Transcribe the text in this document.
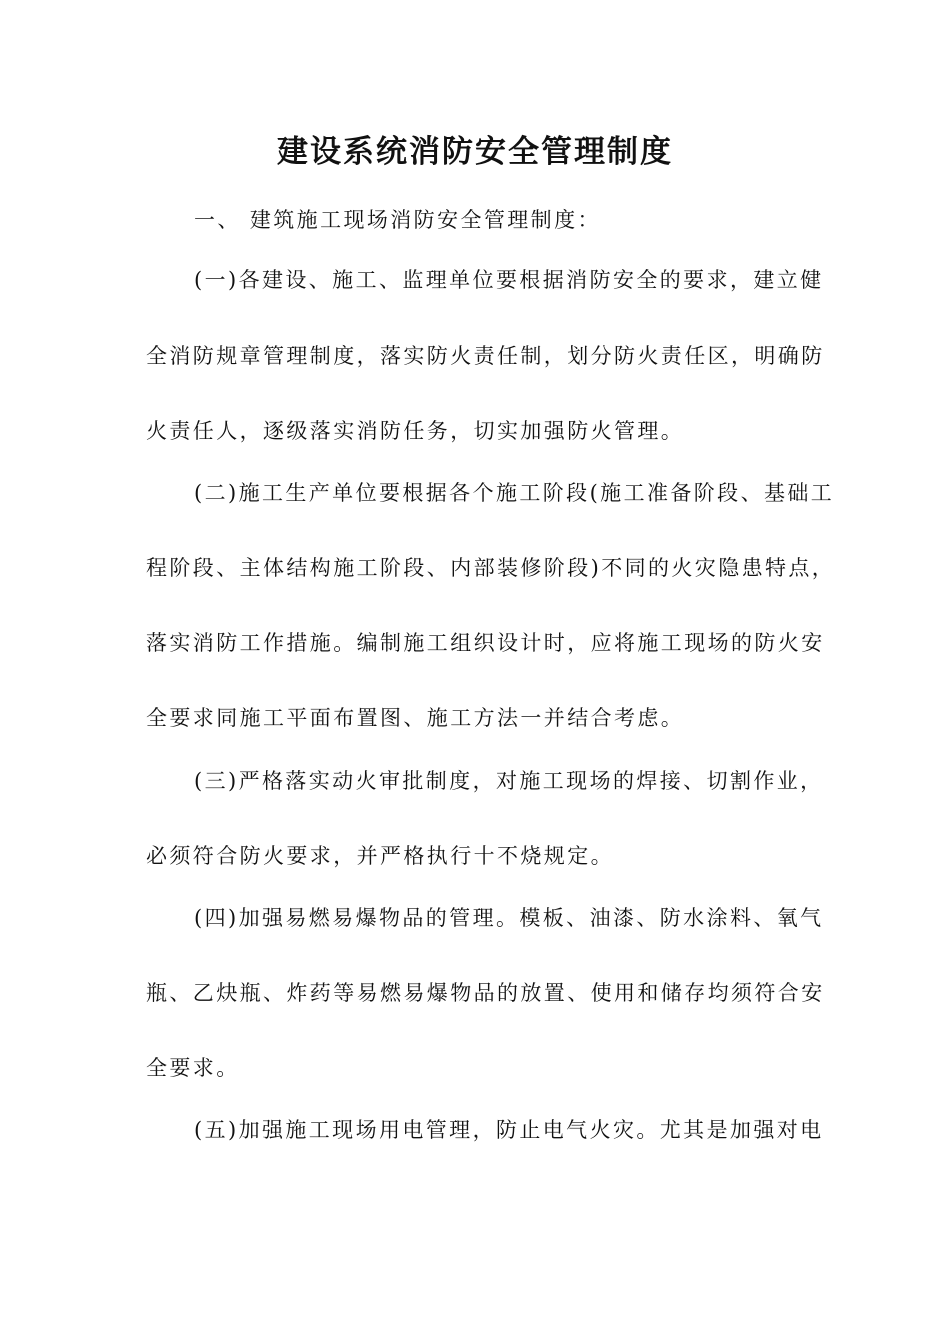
建设系统消防安全管理制度
一、 建筑施工现场消防安全管理制度：
(一)各建设、施工、监理单位要根据消防安全的要求，建立健
全消防规章管理制度，落实防火责任制，划分防火责任区，明确防
火责任人，逐级落实消防任务，切实加强防火管理。
(二)施工生产单位要根据各个施工阶段(施工准备阶段、基础工
程阶段、主体结构施工阶段、内部装修阶段)不同的火灾隐患特点，
落实消防工作措施。编制施工组织设计时，应将施工现场的防火安
全要求同施工平面布置图、施工方法一并结合考虑。
(三)严格落实动火审批制度，对施工现场的焊接、切割作业，
必须符合防火要求，并严格执行十不烧规定。
(四)加强易燃易爆物品的管理。模板、油漆、防水涂料、氧气
瓶、乙炔瓶、炸药等易燃易爆物品的放置、使用和储存均须符合安
全要求。
(五)加强施工现场用电管理，防止电气火灾。尤其是加强对电
